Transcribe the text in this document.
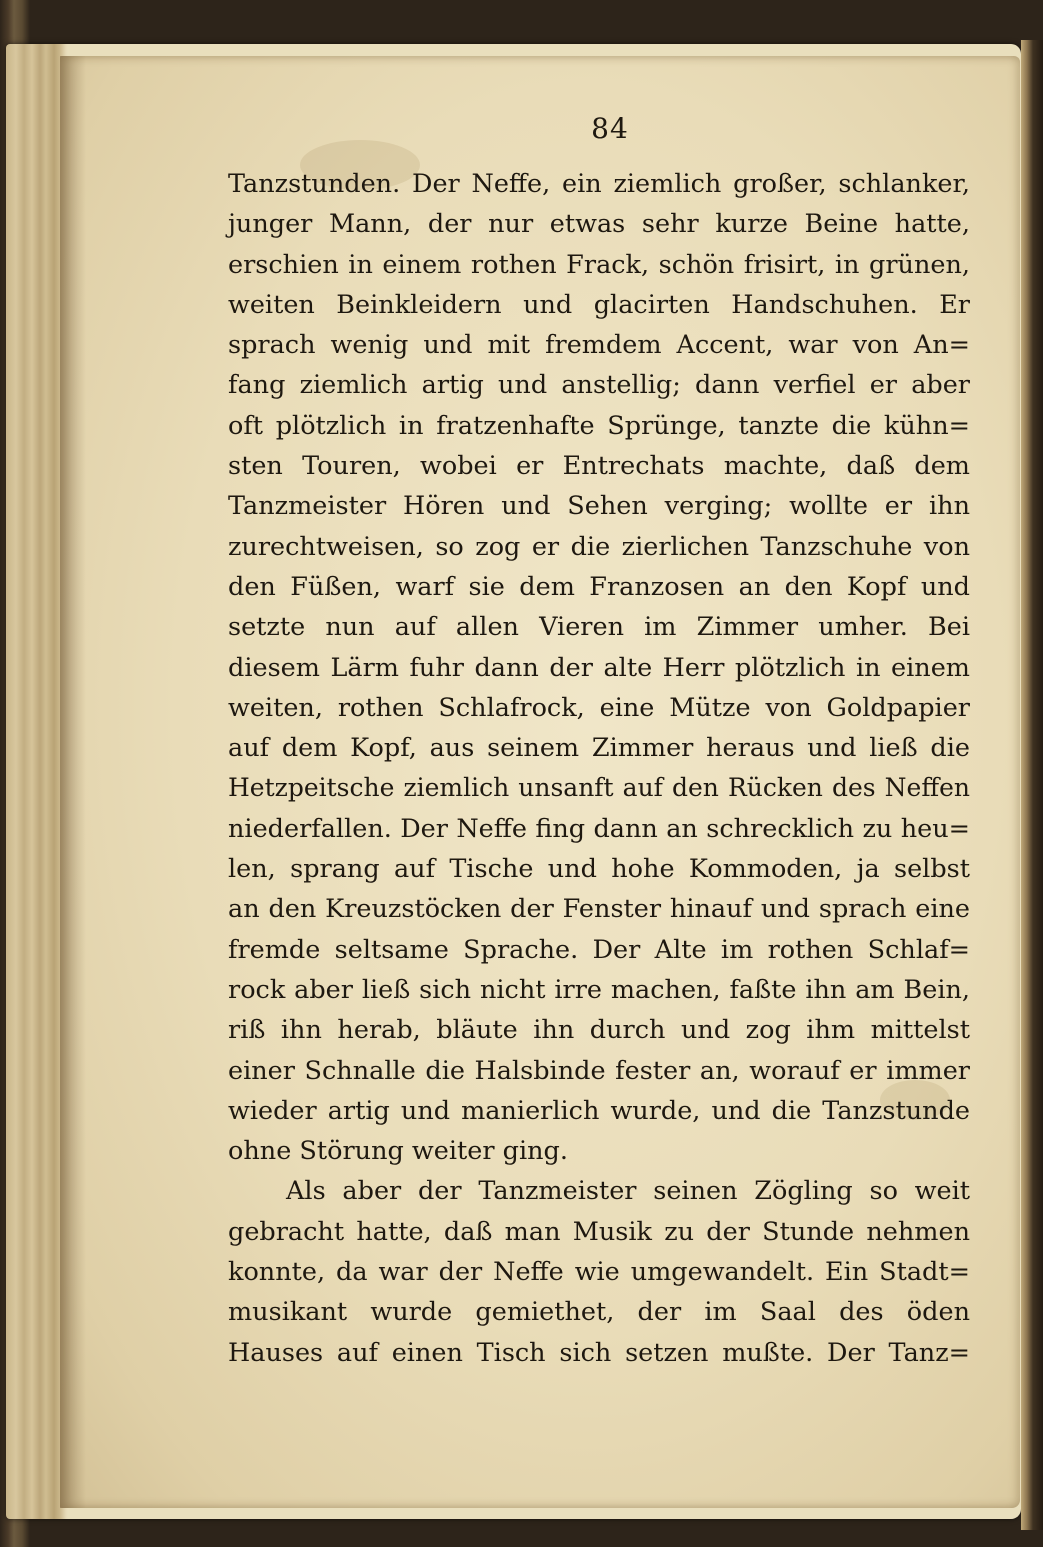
84
Tanzstunden. Der Neffe, ein ziemlich großer, schlanker,
junger Mann, der nur etwas sehr kurze Beine hatte,
erschien in einem rothen Frack, schön frisirt, in grünen,
weiten Beinkleidern und glacirten Handschuhen. Er
sprach wenig und mit fremdem Accent, war von An=
fang ziemlich artig und anstellig; dann verfiel er aber
oft plötzlich in fratzenhafte Sprünge, tanzte die kühn=
sten Touren, wobei er Entrechats machte, daß dem
Tanzmeister Hören und Sehen verging; wollte er ihn
zurechtweisen, so zog er die zierlichen Tanzschuhe von
den Füßen, warf sie dem Franzosen an den Kopf und
setzte nun auf allen Vieren im Zimmer umher. Bei
diesem Lärm fuhr dann der alte Herr plötzlich in einem
weiten, rothen Schlafrock, eine Mütze von Goldpapier
auf dem Kopf, aus seinem Zimmer heraus und ließ die
Hetzpeitsche ziemlich unsanft auf den Rücken des Neffen
niederfallen. Der Neffe fing dann an schrecklich zu heu=
len, sprang auf Tische und hohe Kommoden, ja selbst
an den Kreuzstöcken der Fenster hinauf und sprach eine
fremde seltsame Sprache. Der Alte im rothen Schlaf=
rock aber ließ sich nicht irre machen, faßte ihn am Bein,
riß ihn herab, bläute ihn durch und zog ihm mittelst
einer Schnalle die Halsbinde fester an, worauf er immer
wieder artig und manierlich wurde, und die Tanzstunde
ohne Störung weiter ging.
Als aber der Tanzmeister seinen Zögling so weit
gebracht hatte, daß man Musik zu der Stunde nehmen
konnte, da war der Neffe wie umgewandelt. Ein Stadt=
musikant wurde gemiethet, der im Saal des öden
Hauses auf einen Tisch sich setzen mußte. Der Tanz=
